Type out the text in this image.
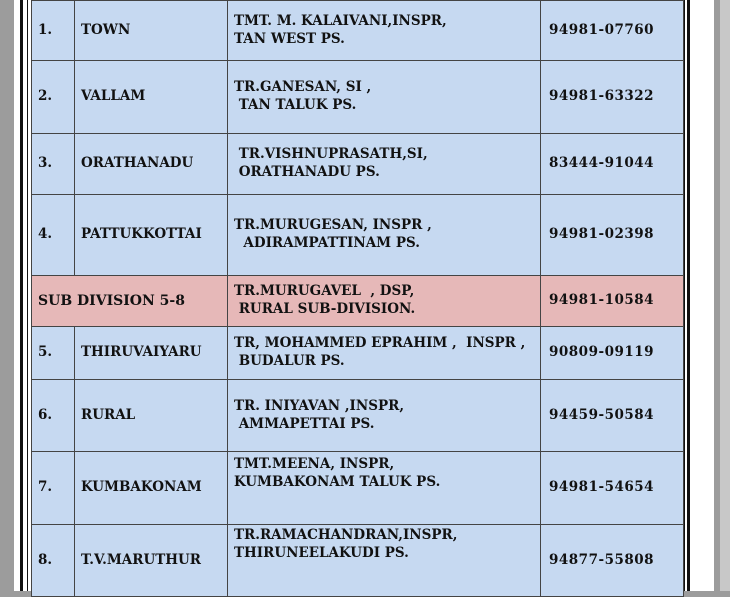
1.	TOWN	TMT. M. KALAIVANI,INSPR,
TAN WEST PS.	94981-07760
2.	VALLAM	TR.GANESAN, SI ,
TAN TALUK PS.	94981-63322
3.	ORATHANADU	TR.VISHNUPRASATH,SI,
ORATHANADU PS.	83444-91044
4.	PATTUKKOTTAI	TR.MURUGESAN, INSPR ,
ADIRAMPATTINAM PS.	94981-02398
SUB DIVISION 5-8		TR.MURUGAVEL  , DSP,
RURAL SUB-DIVISION.	94981-10584
5.	THIRUVAIYARU	TR, MOHAMMED EPRAHIM ,  INSPR ,
BUDALUR PS.	90809-09119
6.	RURAL	TR. INIYAVAN ,INSPR,
AMMAPETTAI PS.	94459-50584
7.	KUMBAKONAM	TMT.MEENA, INSPR,
KUMBAKONAM TALUK PS.	94981-54654
8.	T.V.MARUTHUR	TR.RAMACHANDRAN,INSPR,
THIRUNEELAKUDI PS.	94877-55808
